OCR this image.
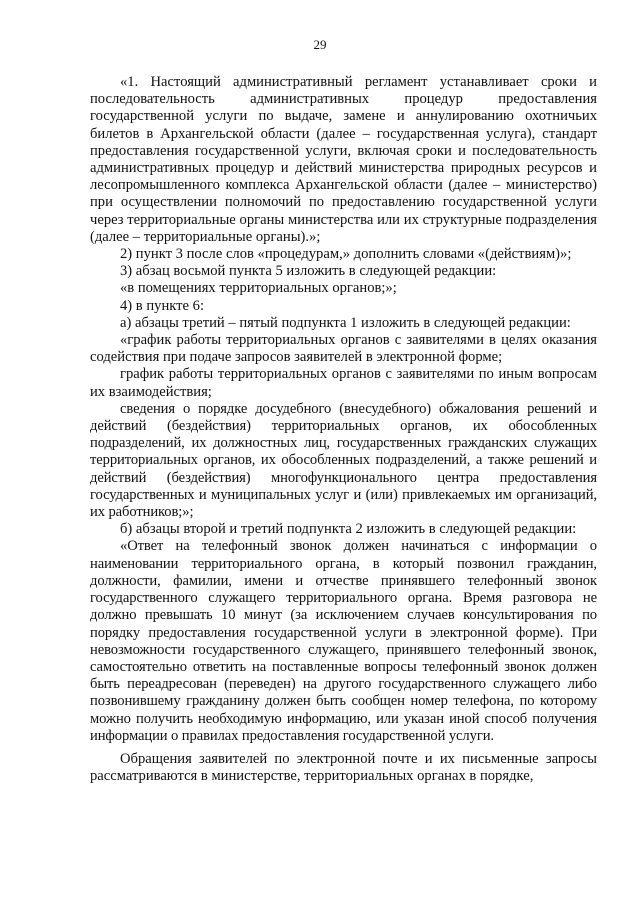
29

«1. Настоящий административный регламент устанавливает сроки и последовательность административных процедур предоставления государственной услуги по выдаче, замене и аннулированию охотничьих билетов в Архангельской области (далее – государственная услуга), стандарт предоставления государственной услуги, включая сроки и последовательность административных процедур и действий министерства природных ресурсов и лесопромышленного комплекса Архангельской области (далее – министерство) при осуществлении полномочий по предоставлению государственной услуги через территориальные органы министерства или их структурные подразделения (далее – территориальные органы).»;

2) пункт 3 после слов «процедурам,» дополнить словами «(действиям)»;

3) абзац восьмой пункта 5 изложить в следующей редакции:

«в помещениях территориальных органов;»;

4) в пункте 6:

а) абзацы третий – пятый подпункта 1 изложить в следующей редакции:

«график работы территориальных органов с заявителями в целях оказания содействия при подаче запросов заявителей в электронной форме;

график работы территориальных органов с заявителями по иным вопросам их взаимодействия;

сведения о порядке досудебного (внесудебного) обжалования решений и действий (бездействия) территориальных органов, их обособленных подразделений, их должностных лиц, государственных гражданских служащих территориальных органов, их обособленных подразделений, а также решений и действий (бездействия) многофункционального центра предоставления государственных и муниципальных услуг и (или) привлекаемых им организаций, их работников;»;

б) абзацы второй и третий подпункта 2 изложить в следующей редакции:

«Ответ на телефонный звонок должен начинаться с информации о наименовании территориального органа, в который позвонил гражданин, должности, фамилии, имени и отчестве принявшего телефонный звонок государственного служащего территориального органа. Время разговора не должно превышать 10 минут (за исключением случаев консультирования по порядку предоставления государственной услуги в электронной форме). При невозможности государственного служащего, принявшего телефонный звонок, самостоятельно ответить на поставленные вопросы телефонный звонок должен быть переадресован (переведен) на другого государственного служащего либо позвонившему гражданину должен быть сообщен номер телефона, по которому можно получить необходимую информацию, или указан иной способ получения информации о правилах предоставления государственной услуги.

Обращения заявителей по электронной почте и их письменные запросы рассматриваются в министерстве, территориальных органах в порядке,
